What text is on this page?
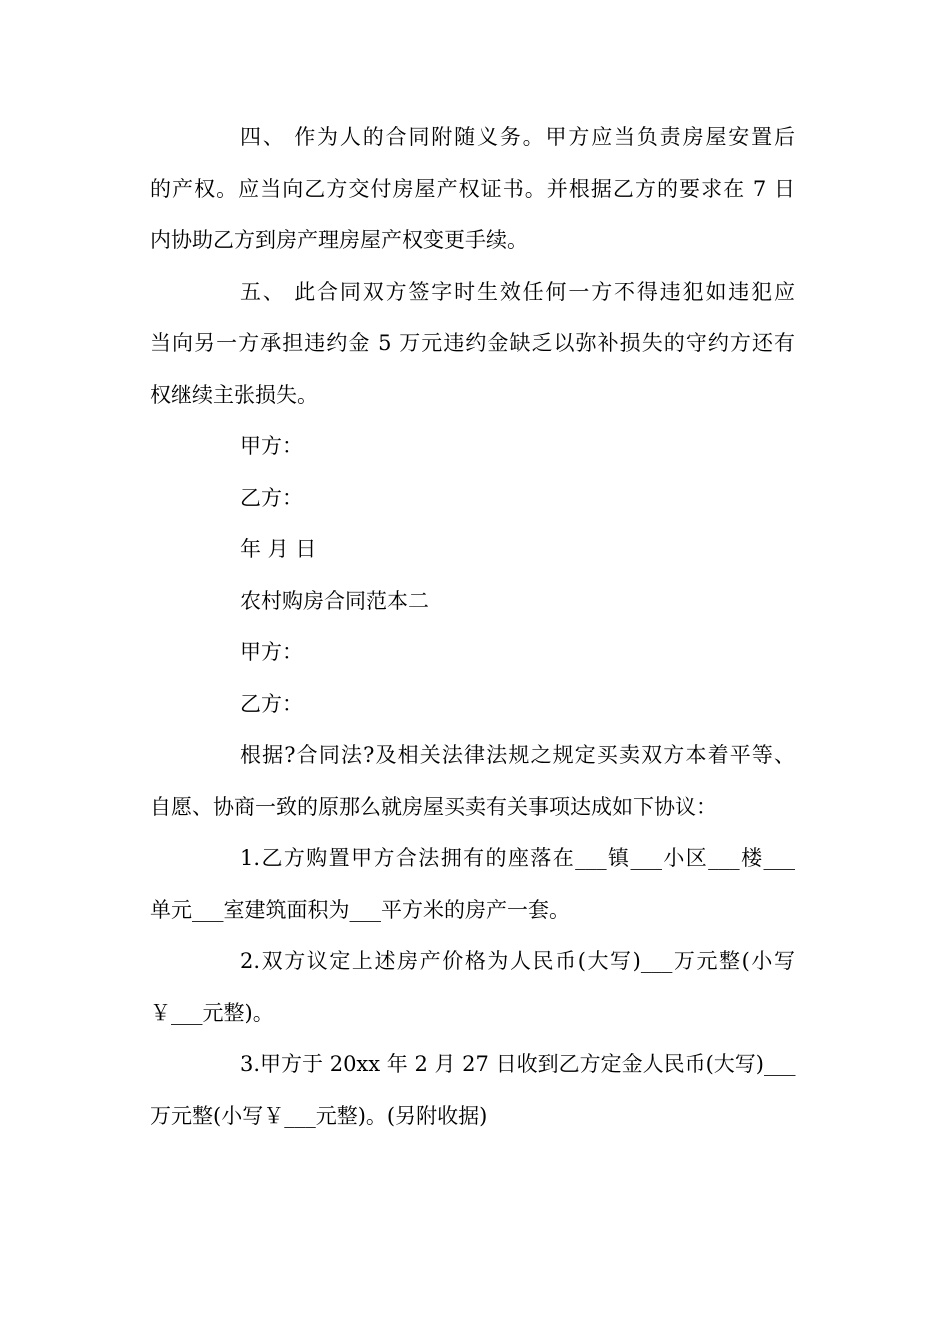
四、 作为人的合同附随义务。甲方应当负责房屋安置后
的产权。应当向乙方交付房屋产权证书。并根据乙方的要求在 7 日
内协助乙方到房产理房屋产权变更手续。
五、 此合同双方签字时生效任何一方不得违犯如违犯应
当向另一方承担违约金 5 万元违约金缺乏以弥补损失的守约方还有
权继续主张损失。
甲方：
乙方：
年 月 日
农村购房合同范本二
甲方：
乙方：
根据?合同法?及相关法律法规之规定买卖双方本着平等、
自愿、协商一致的原那么就房屋买卖有关事项达成如下协议：
1.乙方购置甲方合法拥有的座落在___镇___小区___楼___
单元___室建筑面积为___平方米的房产一套。
2.双方议定上述房产价格为人民币(大写)___万元整(小写
￥___元整)。
3.甲方于 20xx 年 2 月 27 日收到乙方定金人民币(大写)___
万元整(小写￥___元整)。(另附收据)
